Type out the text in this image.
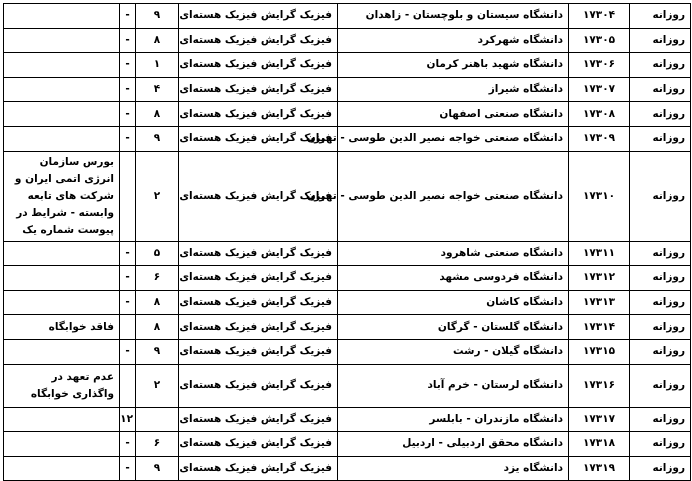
روزانه	۱۷۳۰۴	دانشگاه سیستان و بلوچستان - زاهدان	فیزیک گرایش فیزیک هسته‌ای	۹	-	
روزانه	۱۷۳۰۵	دانشگاه شهرکرد	فیزیک گرایش فیزیک هسته‌ای	۸	-	
روزانه	۱۷۳۰۶	دانشگاه شهید باهنر کرمان	فیزیک گرایش فیزیک هسته‌ای	۱	-	
روزانه	۱۷۳۰۷	دانشگاه شیراز	فیزیک گرایش فیزیک هسته‌ای	۴	-	
روزانه	۱۷۳۰۸	دانشگاه صنعتی اصفهان	فیزیک گرایش فیزیک هسته‌ای	۸	-	
روزانه	۱۷۳۰۹	دانشگاه صنعتی خواجه نصیر الدین طوسی - تهران	فیزیک گرایش فیزیک هسته‌ای	۹	-	
روزانه	۱۷۳۱۰	دانشگاه صنعتی خواجه نصیر الدین طوسی - تهران	فیزیک گرایش فیزیک هسته‌ای	۲		بورس سازمان انرژی اتمی ایران و شرکت های تابعه وابسته - شرایط در پیوست شماره یک
روزانه	۱۷۳۱۱	دانشگاه صنعتی شاهرود	فیزیک گرایش فیزیک هسته‌ای	۵	-	
روزانه	۱۷۳۱۲	دانشگاه فردوسی مشهد	فیزیک گرایش فیزیک هسته‌ای	۶	-	
روزانه	۱۷۳۱۳	دانشگاه کاشان	فیزیک گرایش فیزیک هسته‌ای	۸	-	
روزانه	۱۷۳۱۴	دانشگاه گلستان - گرگان	فیزیک گرایش فیزیک هسته‌ای	۸		فاقد خوابگاه
روزانه	۱۷۳۱۵	دانشگاه گیلان - رشت	فیزیک گرایش فیزیک هسته‌ای	۹	-	
روزانه	۱۷۳۱۶	دانشگاه لرستان - خرم آباد	فیزیک گرایش فیزیک هسته‌ای	۲		عدم تعهد در واگذاری خوابگاه
روزانه	۱۷۳۱۷	دانشگاه مازندران - بابلسر	فیزیک گرایش فیزیک هسته‌ای		۱۲	
روزانه	۱۷۳۱۸	دانشگاه محقق اردبیلی - اردبیل	فیزیک گرایش فیزیک هسته‌ای	۶	-	
روزانه	۱۷۳۱۹	دانشگاه یزد	فیزیک گرایش فیزیک هسته‌ای	۹	-	
